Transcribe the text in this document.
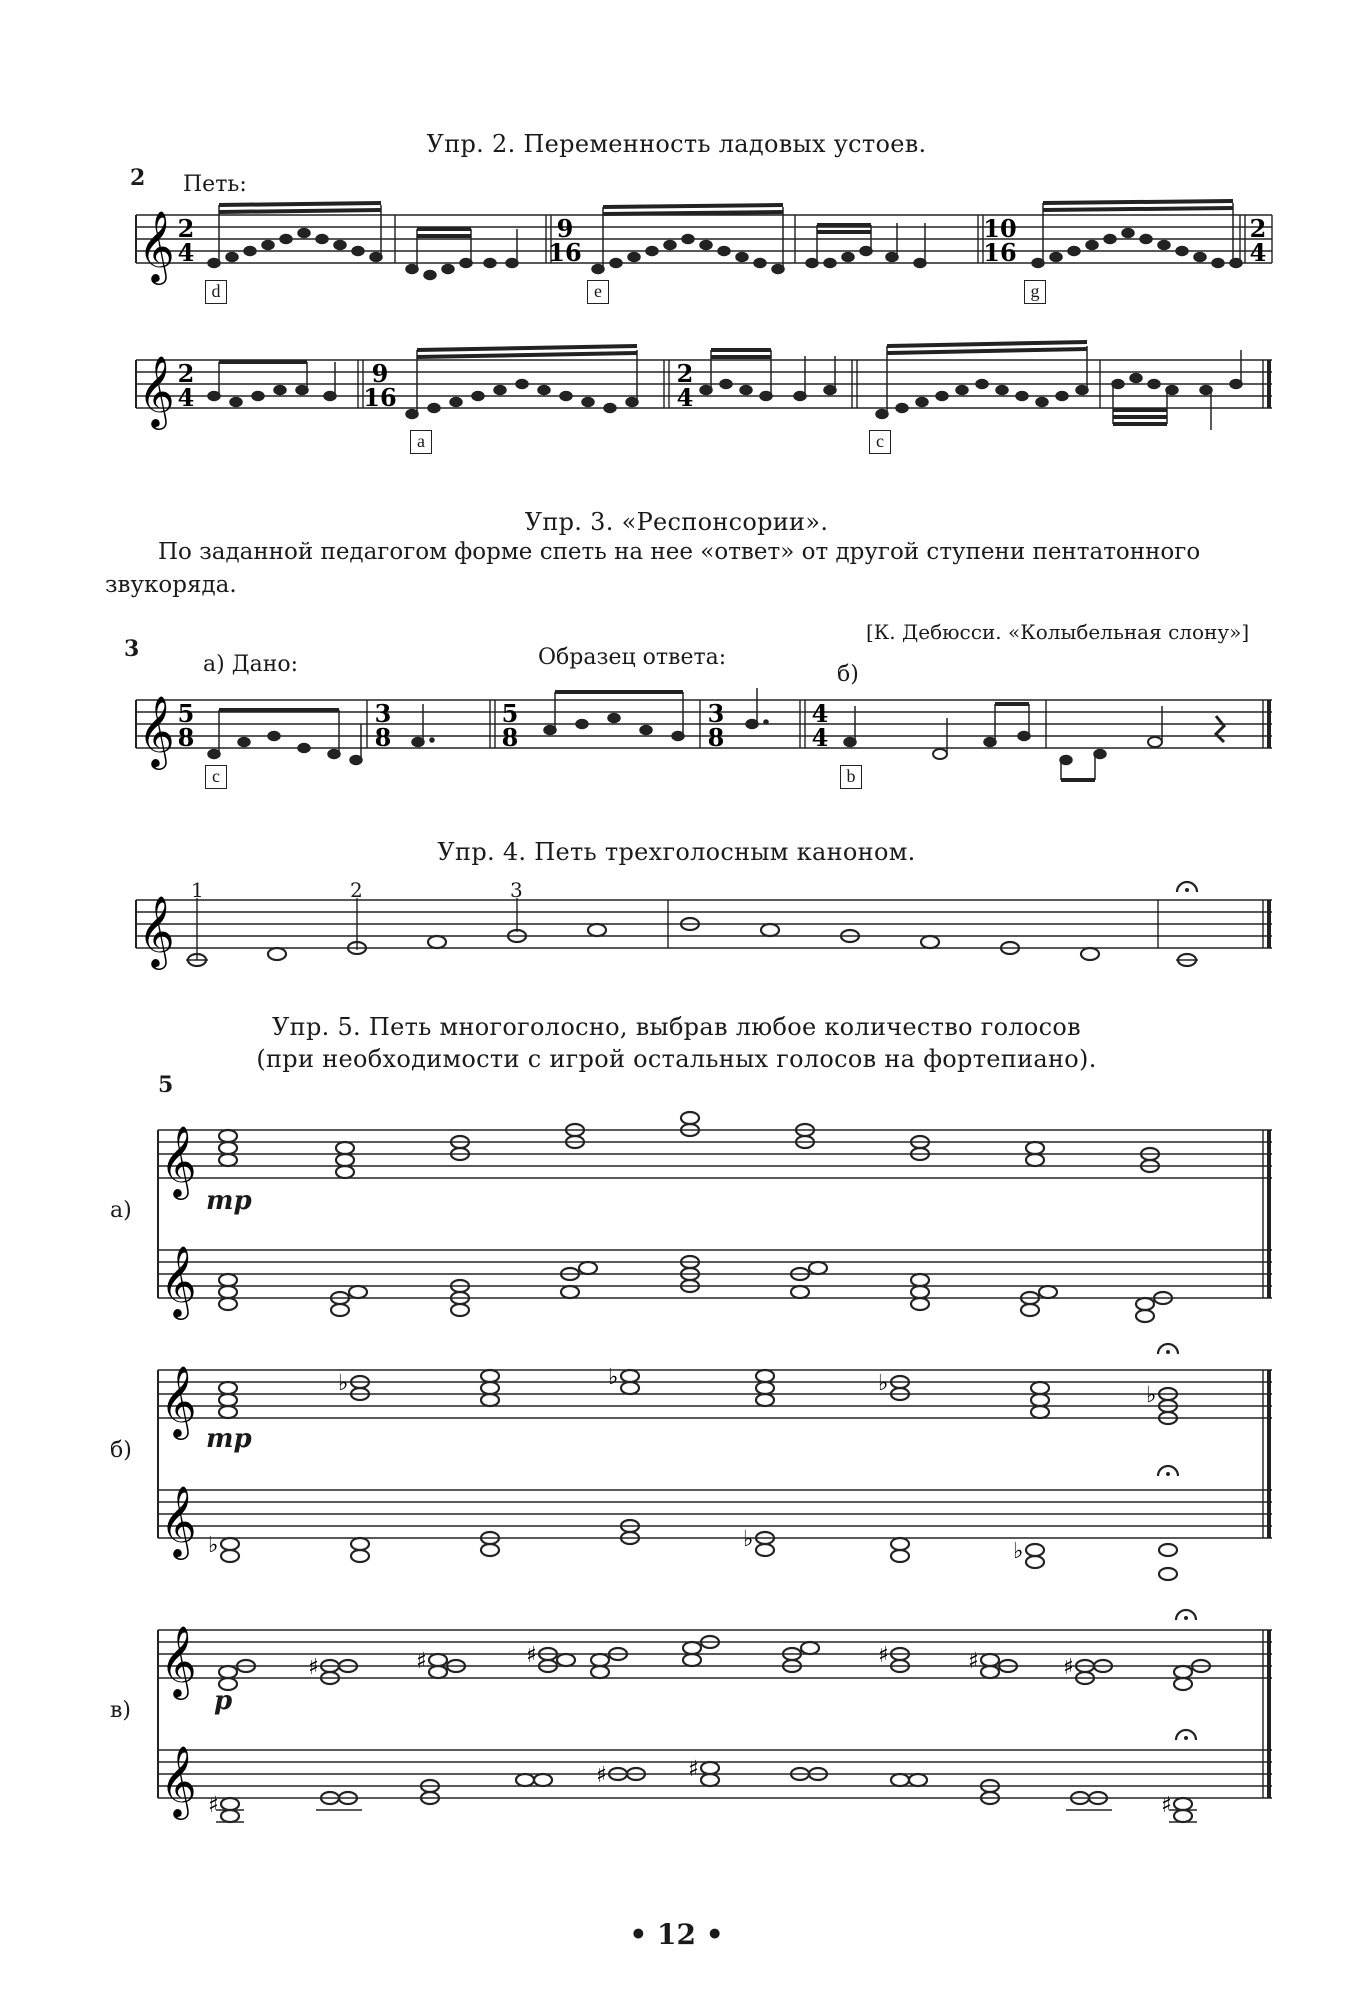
Упр. 2. Переменность ладовых устоев.
2 Петь:
𝄞 2
4
9
16
10
16
2
4
d	e	g
𝄞 2
4
9
16
2
4
a	c
Упр. 3. «Респонсории».
По заданной педагогом форме спеть на нее «ответ» от другой ступени пентатонного
звукоряда.
[К. Дебюсси. «Колыбельная слону»]
3
а) Дано:	Образец ответа:
б)
𝄞 5
8
3
8
5
8
3
8
4
4
c	b
Упр. 4. Петь трехголосным каноном.
1	2	3
𝄞
Упр. 5. Петь многоголосно, выбрав любое количество голосов
(при необходимости с игрой остальных голосов на фортепиано).
5
а)	mp
𝄞
𝄞
б)	mp
𝄞
𝄞
♭	♭	♭	♭
♭	♭	♭
в)	p
𝄞
𝄞
♯	♯	♯	♯	♯	♯
♯
♯	♯
♯
• 12 •
